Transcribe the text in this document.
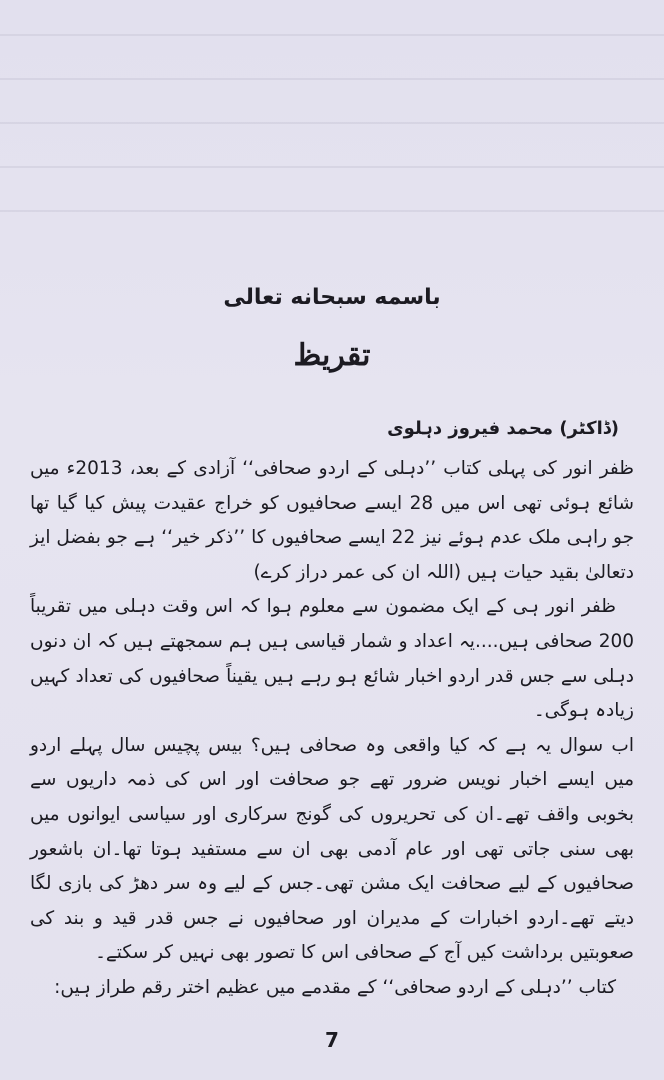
باسمه سبحانه تعالی
تقریظ
(ڈاکٹر) محمد فیروز دہلوی

ظفر انور کی پہلی کتاب ’’دہلی کے اردو صحافی‘‘ آزادی کے بعد، 2013ء میں شائع ہوئی تھی اس میں 28 ایسے صحافیوں کو خراج عقیدت پیش کیا گیا تھا جو راہی ملک عدم ہوئے نیز 22 ایسے صحافیوں کا ’’ذکر خیر‘‘ ہے جو بفضل ایز دتعالیٰ بقید حیات ہیں (اللہ ان کی عمر دراز کرے)

ظفر انور ہی کے ایک مضمون سے معلوم ہوا کہ اس وقت دہلی میں تقریباً 200 صحافی ہیں....یہ اعداد و شمار قیاسی ہیں ہم سمجھتے ہیں کہ ان دنوں دہلی سے جس قدر اردو اخبار شائع ہو رہے ہیں یقیناً صحافیوں کی تعداد کہیں زیادہ ہوگی۔

اب سوال یہ ہے کہ کیا واقعی وہ صحافی ہیں؟ بیس پچیس سال پہلے اردو میں ایسے اخبار نویس ضرور تھے جو صحافت اور اس کی ذمہ داریوں سے بخوبی واقف تھے۔ان کی تحریروں کی گونج سرکاری اور سیاسی ایوانوں میں بھی سنی جاتی تھی اور عام آدمی بھی ان سے مستفید ہوتا تھا۔ان باشعور صحافیوں کے لیے صحافت ایک مشن تھی۔جس کے لیے وہ سر دھڑ کی بازی لگا دیتے تھے۔اردو اخبارات کے مدیران اور صحافیوں نے جس قدر قید و بند کی صعوبتیں برداشت کیں آج کے صحافی اس کا تصور بھی نہیں کر سکتے۔

کتاب ’’دہلی کے اردو صحافی‘‘ کے مقدمے میں عظیم اختر رقم طراز ہیں:

7
